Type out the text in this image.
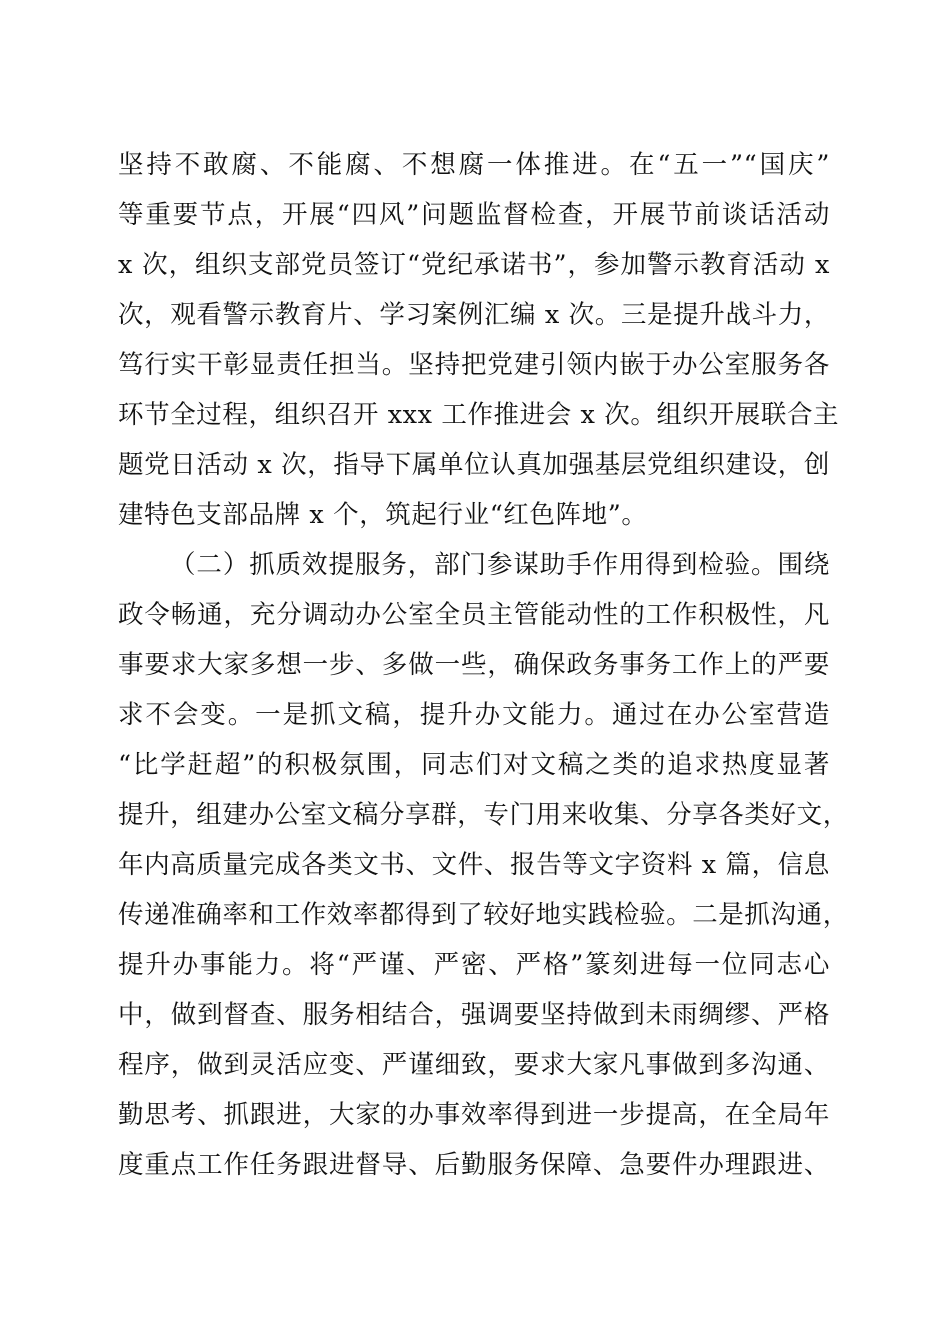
坚持不敢腐、不能腐、不想腐一体推进。在“五一”“国庆”
等重要节点，开展“四风”问题监督检查，开展节前谈话活动
x 次，组织支部党员签订“党纪承诺书”，参加警示教育活动 x
次，观看警示教育片、学习案例汇编 x 次。三是提升战斗力，
笃行实干彰显责任担当。坚持把党建引领内嵌于办公室服务各
环节全过程，组织召开 xxx 工作推进会 x 次。组织开展联合主
题党日活动 x 次，指导下属单位认真加强基层党组织建设，创
建特色支部品牌 x 个，筑起行业“红色阵地”。
（二）抓质效提服务，部门参谋助手作用得到检验。围绕
政令畅通，充分调动办公室全员主管能动性的工作积极性，凡
事要求大家多想一步、多做一些，确保政务事务工作上的严要
求不会变。一是抓文稿，提升办文能力。通过在办公室营造
“比学赶超”的积极氛围，同志们对文稿之类的追求热度显著
提升，组建办公室文稿分享群，专门用来收集、分享各类好文，
年内高质量完成各类文书、文件、报告等文字资料 x 篇，信息
传递准确率和工作效率都得到了较好地实践检验。二是抓沟通，
提升办事能力。将“严谨、严密、严格”篆刻进每一位同志心
中，做到督查、服务相结合，强调要坚持做到未雨绸缪、严格
程序，做到灵活应变、严谨细致，要求大家凡事做到多沟通、
勤思考、抓跟进，大家的办事效率得到进一步提高，在全局年
度重点工作任务跟进督导、后勤服务保障、急要件办理跟进、
